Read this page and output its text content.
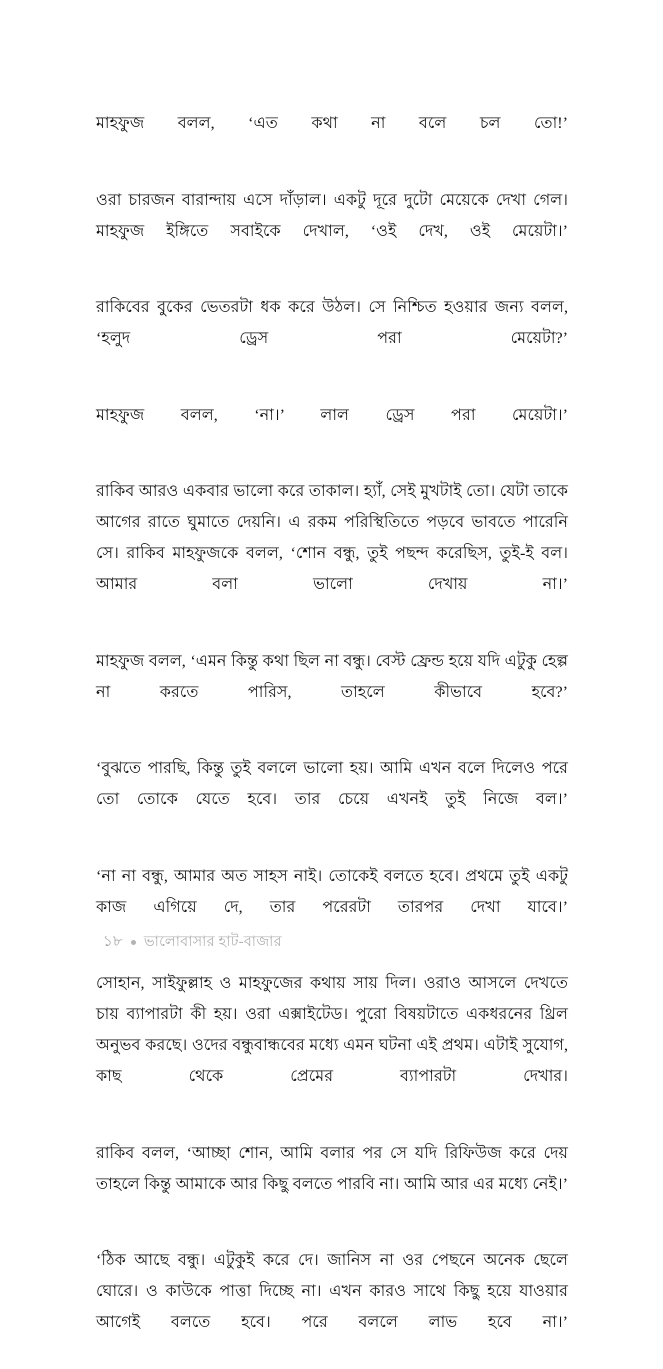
মাহফুজ বলল, ‘এত কথা না বলে চল তো!’

ওরা চারজন বারান্দায় এসে দাঁড়াল। একটু দূরে দুটো মেয়েকে দেখা গেল। মাহফুজ ইঙ্গিতে সবাইকে দেখাল, ‘ওই দেখ, ওই মেয়েটা।’

রাকিবের বুকের ভেতরটা ধক করে উঠল। সে নিশ্চিত হওয়ার জন্য বলল, ‘হলুদ ড্রেস পরা মেয়েটা?’

মাহফুজ বলল, ‘না।’ লাল ড্রেস পরা মেয়েটা।’

রাকিব আরও একবার ভালো করে তাকাল। হ্যাঁ, সেই মুখটাই তো। যেটা তাকে আগের রাতে ঘুমাতে দেয়নি। এ রকম পরিস্থিতিতে পড়বে ভাবতে পারেনি সে। রাকিব মাহফুজকে বলল, ‘শোন বন্ধু, তুই পছন্দ করেছিস, তুই-ই বল। আমার বলা ভালো দেখায় না।’

মাহফুজ বলল, ‘এমন কিন্তু কথা ছিল না বন্ধু। বেস্ট ফ্রেন্ড হয়ে যদি এটুকু হেল্প না করতে পারিস, তাহলে কীভাবে হবে?’

‘বুঝতে পারছি, কিন্তু তুই বললে ভালো হয়। আমি এখন বলে দিলেও পরে তো তোকে যেতে হবে। তার চেয়ে এখনই তুই নিজে বল।’

‘না না বন্ধু, আমার অত সাহস নাই। তোকেই বলতে হবে। প্রথমে তুই একটু কাজ এগিয়ে দে, তার পরেরটা তারপর দেখা যাবে।’

সোহান, সাইফুল্লাহ ও মাহফুজের কথায় সায় দিল। ওরাও আসলে দেখতে চায় ব্যাপারটা কী হয়। ওরা এক্সাইটেড। পুরো বিষয়টাতে একধরনের থ্রিল অনুভব করছে। ওদের বন্ধুবান্ধবের মধ্যে এমন ঘটনা এই প্রথম। এটাই সুযোগ, কাছ থেকে প্রেমের ব্যাপারটা দেখার।

রাকিব বলল, ‘আচ্ছা শোন, আমি বলার পর সে যদি রিফিউজ করে দেয় তাহলে কিন্তু আমাকে আর কিছু বলতে পারবি না। আমি আর এর মধ্যে নেই।’

‘ঠিক আছে বন্ধু। এটুকুই করে দে। জানিস না ওর পেছনে অনেক ছেলে ঘোরে। ও কাউকে পাত্তা দিচ্ছে না। এখন কারও সাথে কিছু হয়ে যাওয়ার আগেই বলতে হবে। পরে বললে লাভ হবে না।’

১৮ ভালোবাসার হাট-বাজার
